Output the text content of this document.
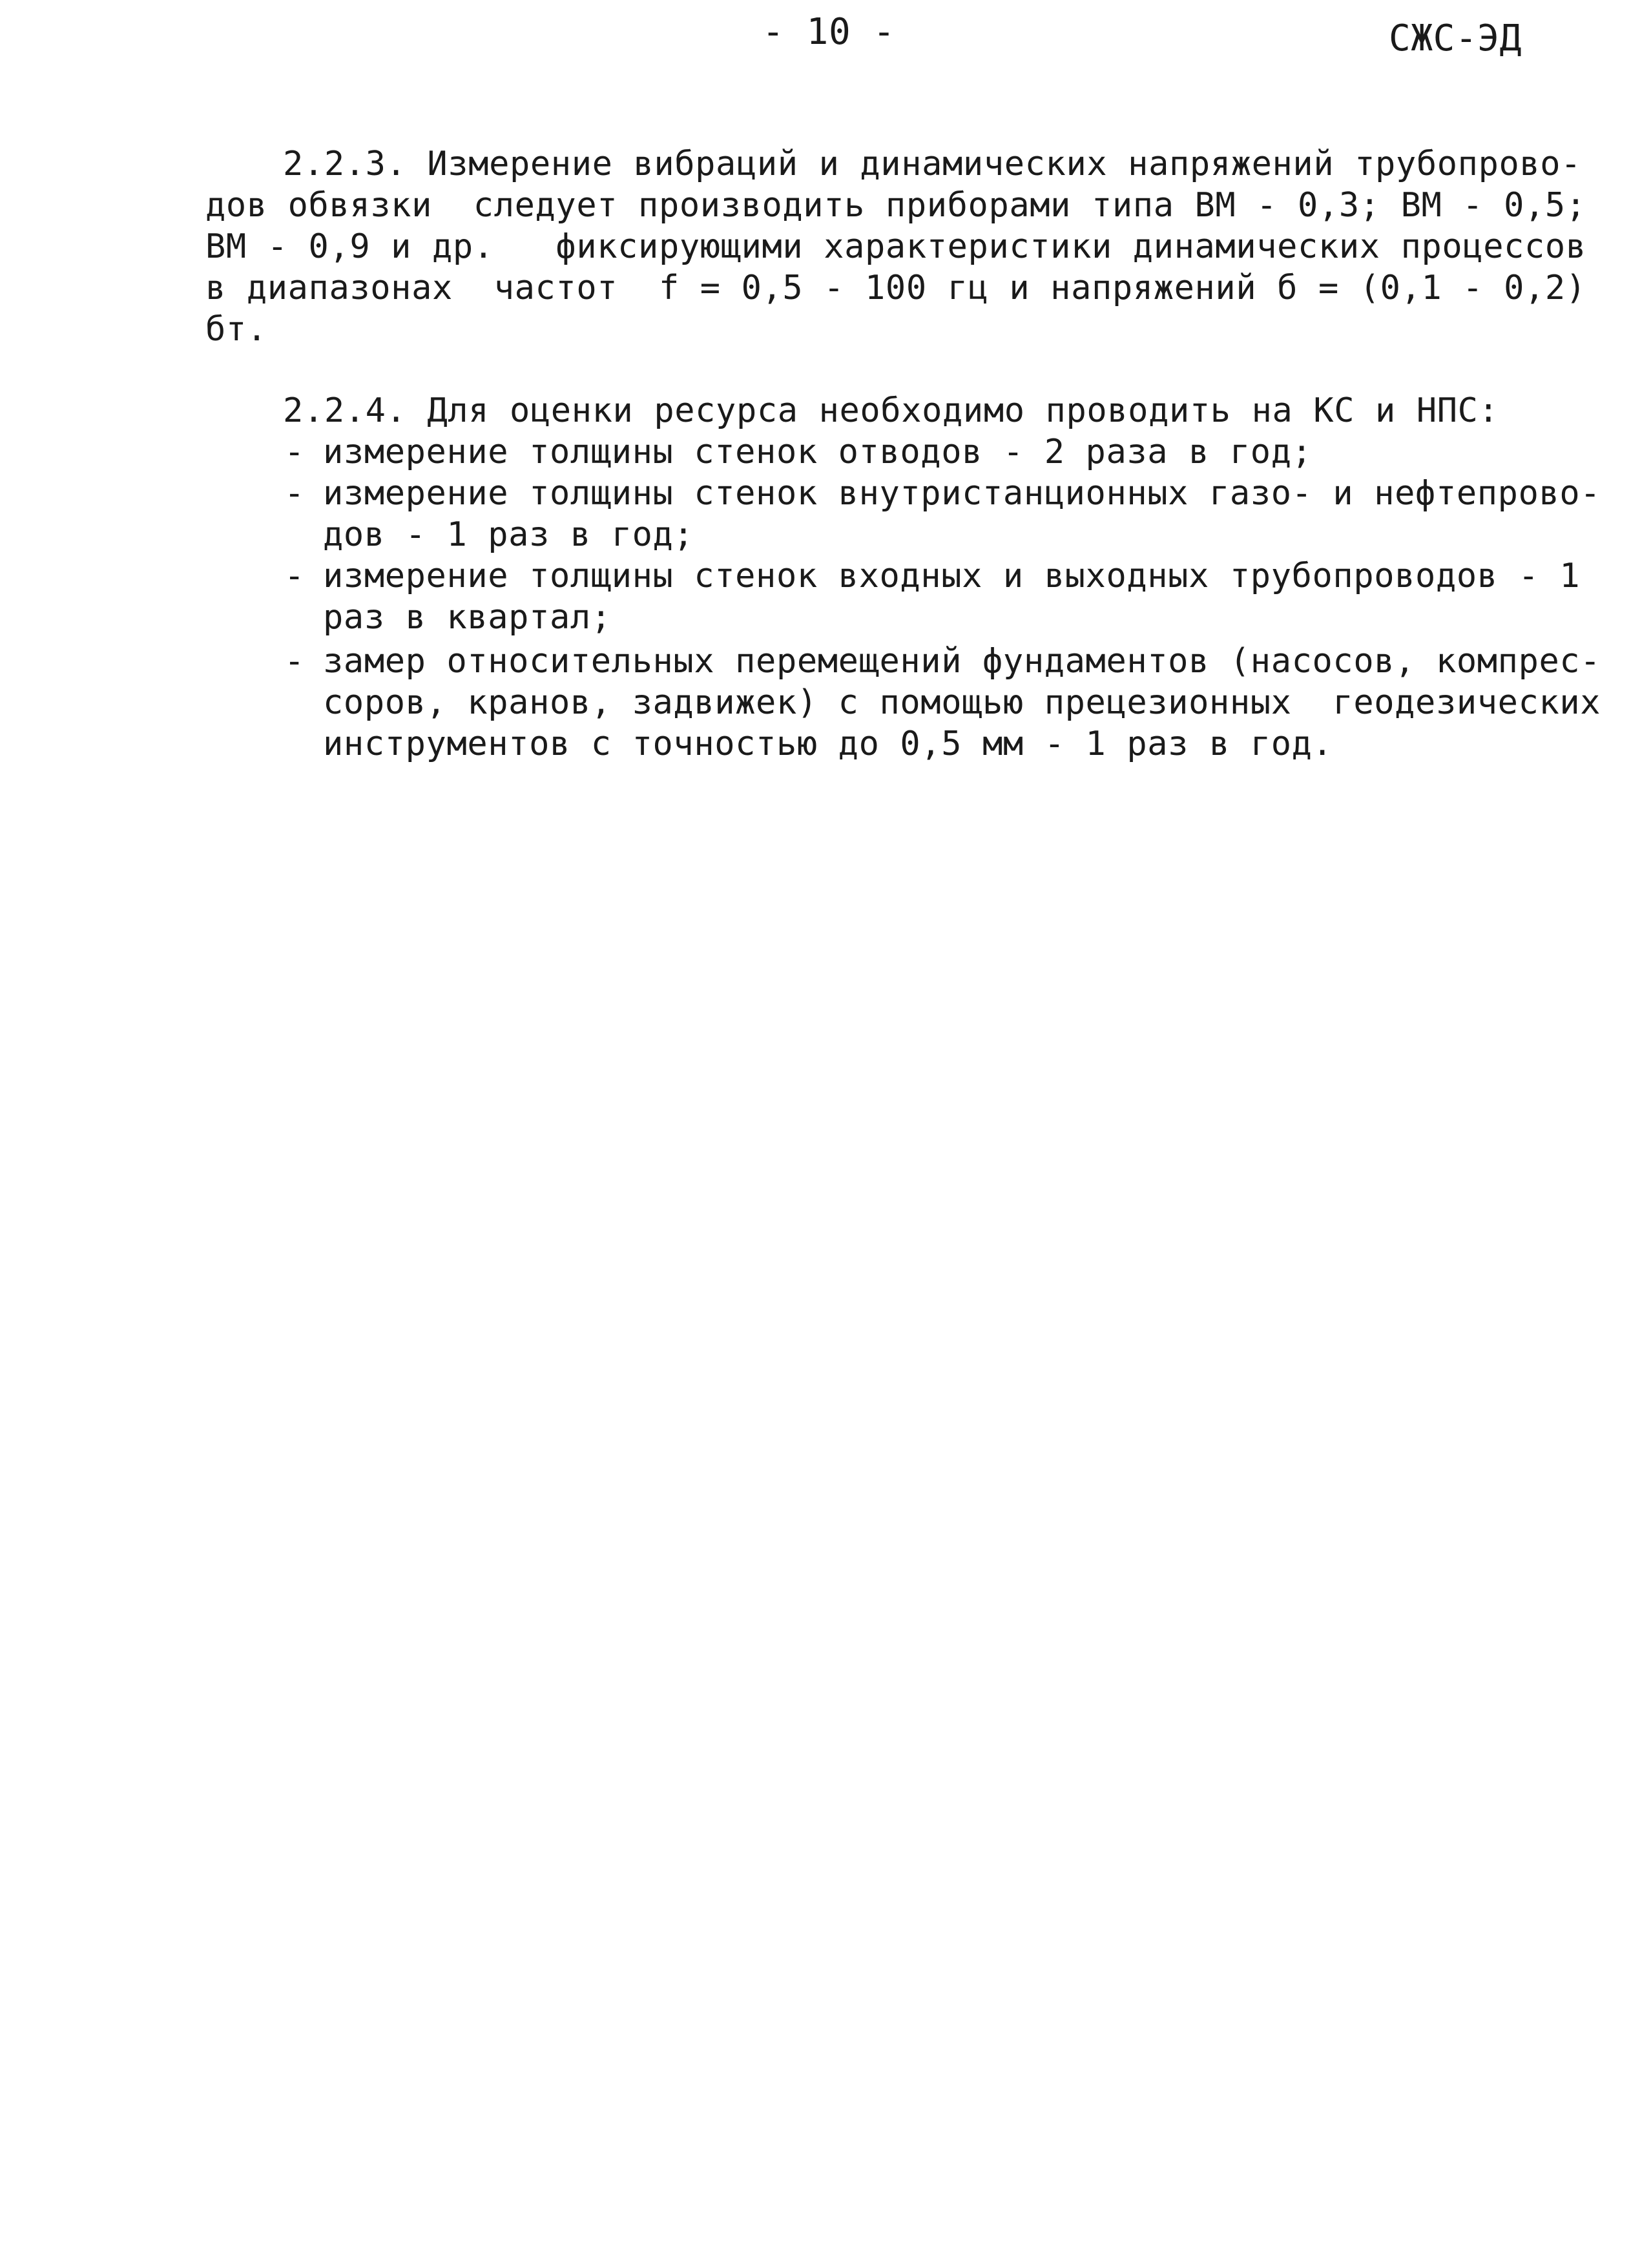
- 10 -	СЖС-ЭД
2.2.3. Измерение вибраций и динамических напряжений трубопрово-
дов обвязки  следует производить приборами типа ВМ - 0,3; ВМ - 0,5;
ВМ - 0,9 и др.   фиксирующими характеристики динамических процессов
в диапазонах  частот  f = 0,5 - 100 гц и напряжений б = (0,1 - 0,2)
бт.
2.2.4. Для оценки ресурса необходимо проводить на КС и НПС:
- измерение толщины стенок отводов - 2 раза в год;
- измерение толщины стенок внутристанционных газо- и нефтепрово-
дов - 1 раз в год;
- измерение толщины стенок входных и выходных трубопроводов - 1
раз в квартал;
- замер относительных перемещений фундаментов (насосов, компрес-
соров, кранов, задвижек) с помощью прецезионных  геодезических
инструментов с точностью до 0,5 мм - 1 раз в год.
